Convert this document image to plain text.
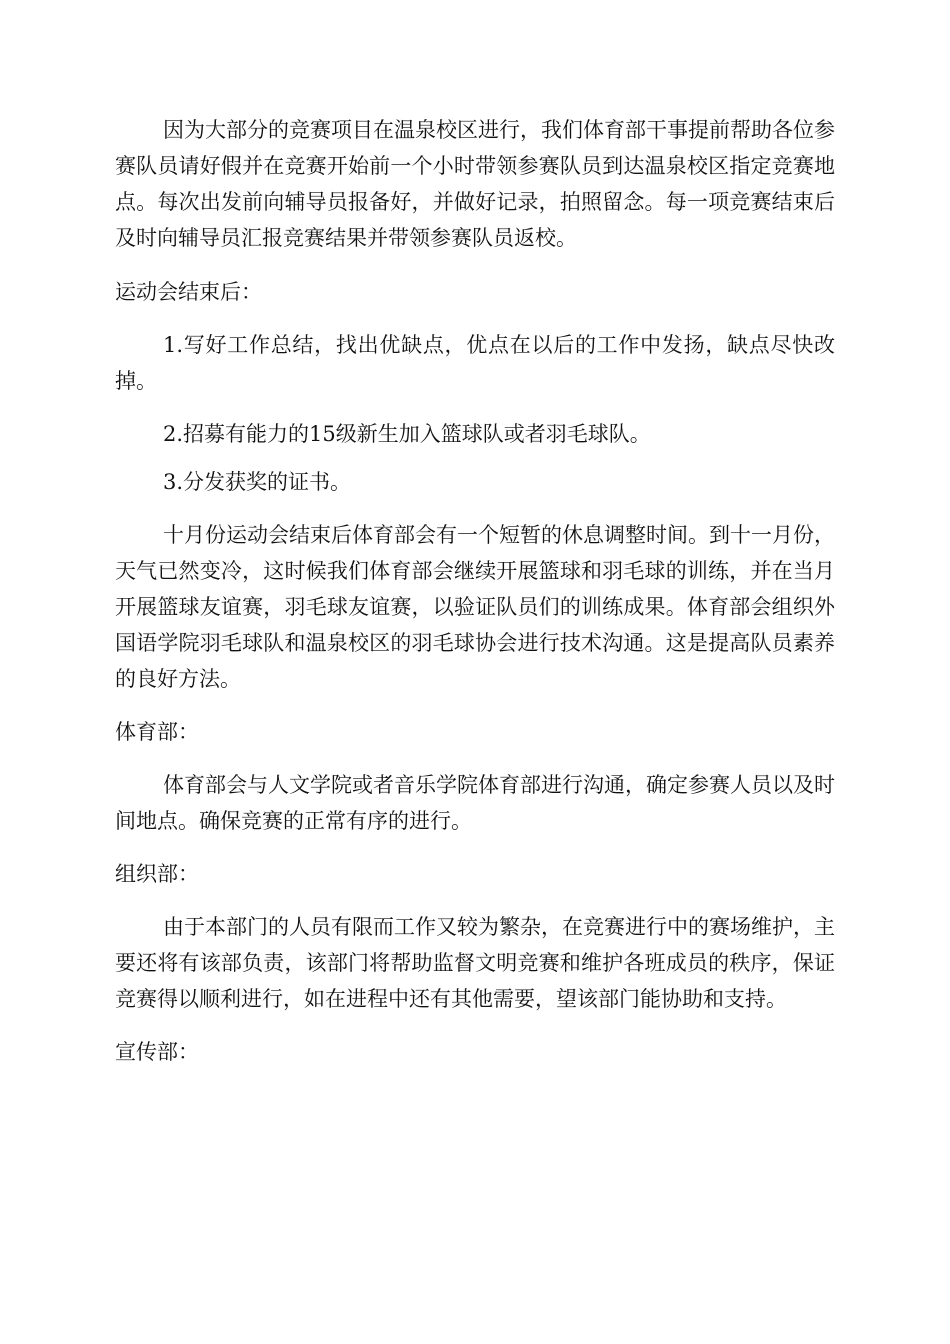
因为大部分的竞赛项目在温泉校区进行，我们体育部干事提前帮助各位参赛队员请好假并在竞赛开始前一个小时带领参赛队员到达温泉校区指定竞赛地点。每次出发前向辅导员报备好，并做好记录，拍照留念。每一项竞赛结束后及时向辅导员汇报竞赛结果并带领参赛队员返校。

运动会结束后：

1.写好工作总结，找出优缺点，优点在以后的工作中发扬，缺点尽快改掉。

2.招募有能力的15级新生加入篮球队或者羽毛球队。

3.分发获奖的证书。

十月份运动会结束后体育部会有一个短暂的休息调整时间。到十一月份，天气已然变冷，这时候我们体育部会继续开展篮球和羽毛球的训练，并在当月开展篮球友谊赛，羽毛球友谊赛，以验证队员们的训练成果。体育部会组织外国语学院羽毛球队和温泉校区的羽毛球协会进行技术沟通。这是提高队员素养的良好方法。

体育部：

体育部会与人文学院或者音乐学院体育部进行沟通，确定参赛人员以及时间地点。确保竞赛的正常有序的进行。

组织部：

由于本部门的人员有限而工作又较为繁杂，在竞赛进行中的赛场维护，主要还将有该部负责，该部门将帮助监督文明竞赛和维护各班成员的秩序，保证竞赛得以顺利进行，如在进程中还有其他需要，望该部门能协助和支持。

宣传部：
